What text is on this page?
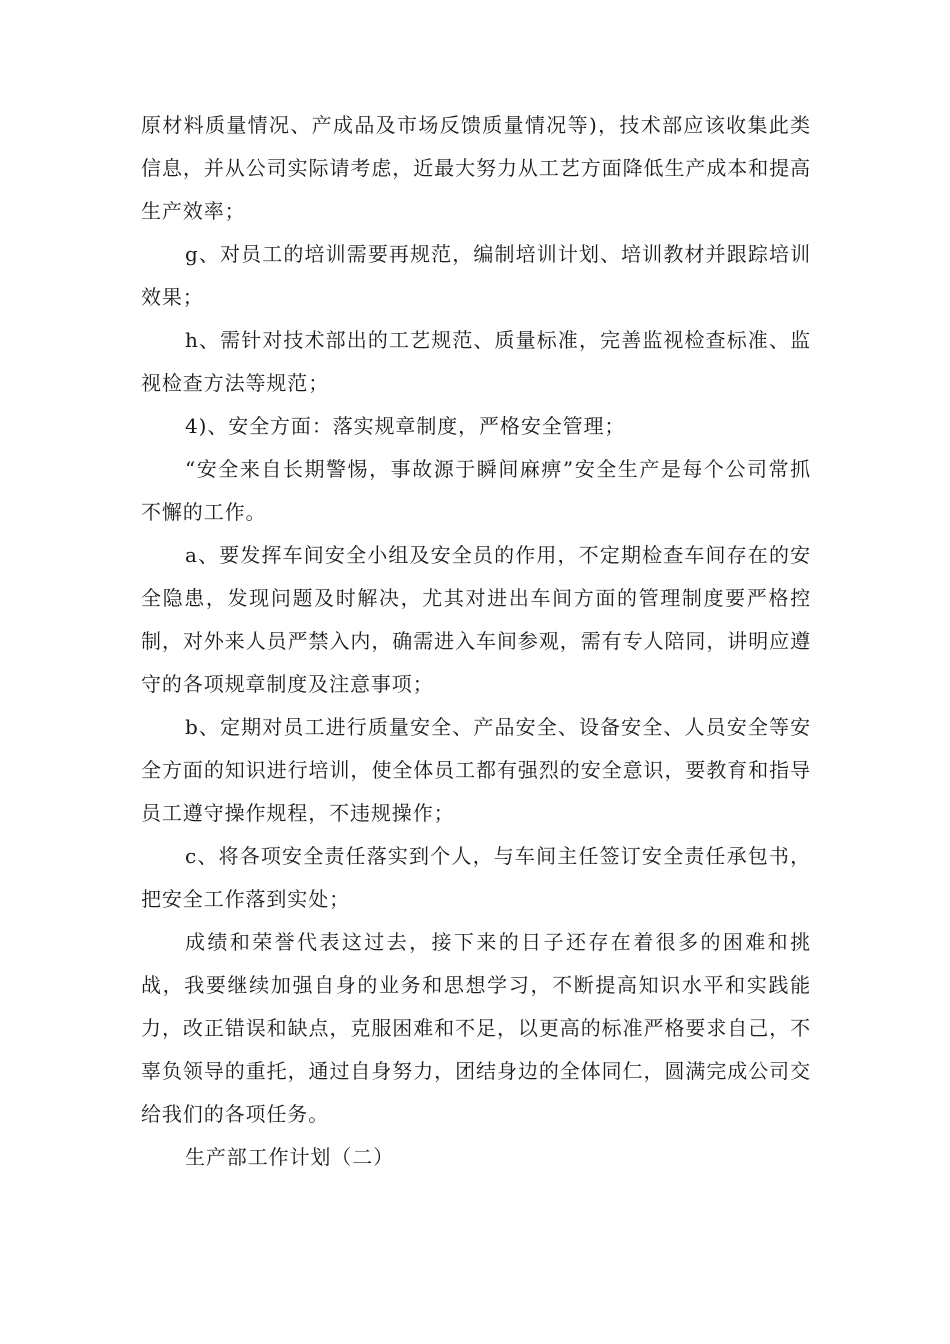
原材料质量情况、产成品及市场反馈质量情况等)，技术部应该收集此类信息，并从公司实际请考虑，近最大努力从工艺方面降低生产成本和提高生产效率；

g、对员工的培训需要再规范，编制培训计划、培训教材并跟踪培训效果；

h、需针对技术部出的工艺规范、质量标准，完善监视检查标准、监视检查方法等规范；

4)、安全方面：落实规章制度，严格安全管理；

“安全来自长期警惕，事故源于瞬间麻痹”安全生产是每个公司常抓不懈的工作。

a、要发挥车间安全小组及安全员的作用，不定期检查车间存在的安全隐患，发现问题及时解决，尤其对进出车间方面的管理制度要严格控制，对外来人员严禁入内，确需进入车间参观，需有专人陪同，讲明应遵守的各项规章制度及注意事项；

b、定期对员工进行质量安全、产品安全、设备安全、人员安全等安全方面的知识进行培训，使全体员工都有强烈的安全意识，要教育和指导员工遵守操作规程，不违规操作；

c、将各项安全责任落实到个人，与车间主任签订安全责任承包书，把安全工作落到实处；

成绩和荣誉代表这过去，接下来的日子还存在着很多的困难和挑战，我要继续加强自身的业务和思想学习，不断提高知识水平和实践能力，改正错误和缺点，克服困难和不足，以更高的标准严格要求自己，不辜负领导的重托，通过自身努力，团结身边的全体同仁，圆满完成公司交给我们的各项任务。

生产部工作计划（二）
